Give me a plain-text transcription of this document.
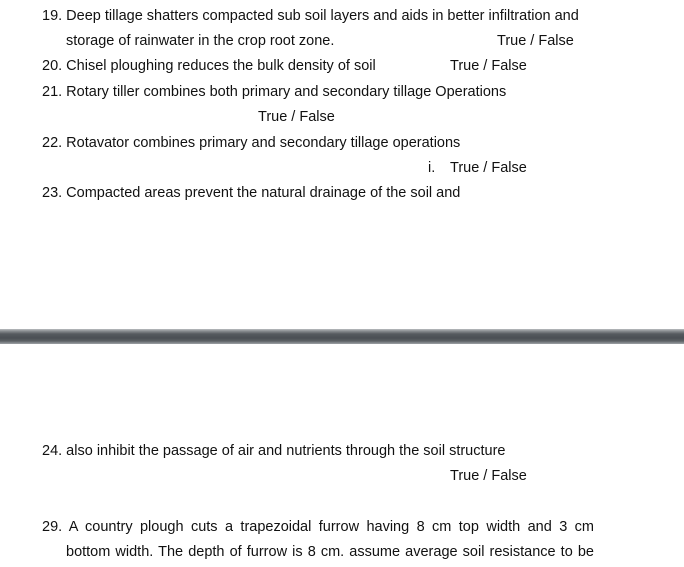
19. Deep tillage shatters compacted sub soil layers and aids in better infiltration and
storage of rainwater in the crop root zone.	True / False
20. Chisel ploughing reduces the bulk density of soil	True / False
21. Rotary tiller combines both primary and secondary tillage Operations
True / False
22. Rotavator combines primary and secondary tillage operations
i. True / False
23. Compacted areas prevent the natural drainage of the soil and
24. also inhibit the passage of air and nutrients through the soil structure
True / False
29. A country plough cuts a trapezoidal furrow having 8 cm top width and 3 cm
bottom width. The depth of furrow is 8 cm. assume average soil resistance to be
